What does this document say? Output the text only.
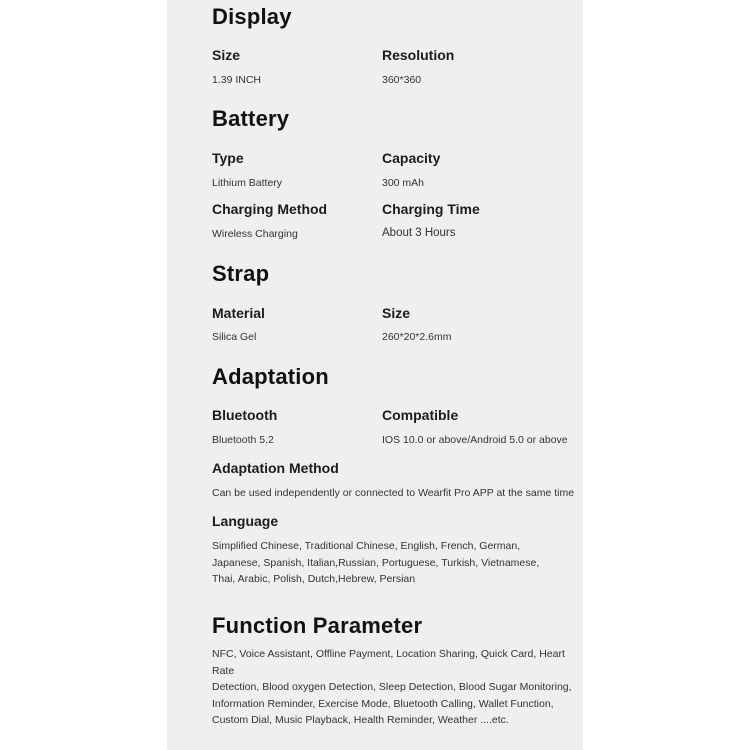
Display
Size
1.39 INCH
Resolution
360*360
Battery
Type
Lithium Battery
Capacity
300 mAh
Charging Method
Wireless Charging
Charging Time
About 3 Hours
Strap
Material
Silica Gel
Size
260*20*2.6mm
Adaptation
Bluetooth
Bluetooth 5.2
Compatible
IOS 10.0 or above/Android 5.0 or above
Adaptation Method
Can be used independently or connected to Wearfit Pro APP at the same time
Language
Simplified Chinese, Traditional Chinese, English, French, German,
Japanese, Spanish, Italian,Russian, Portuguese, Turkish, Vietnamese,
Thai, Arabic, Polish, Dutch,Hebrew, Persian
Function Parameter
NFC, Voice Assistant, Offline Payment, Location Sharing, Quick Card, Heart Rate
Detection, Blood oxygen Detection, Sleep Detection, Blood Sugar Monitoring,
Information Reminder, Exercise Mode, Bluetooth Calling, Wallet Function,
Custom Dial, Music Playback, Health Reminder, Weather ....etc.
